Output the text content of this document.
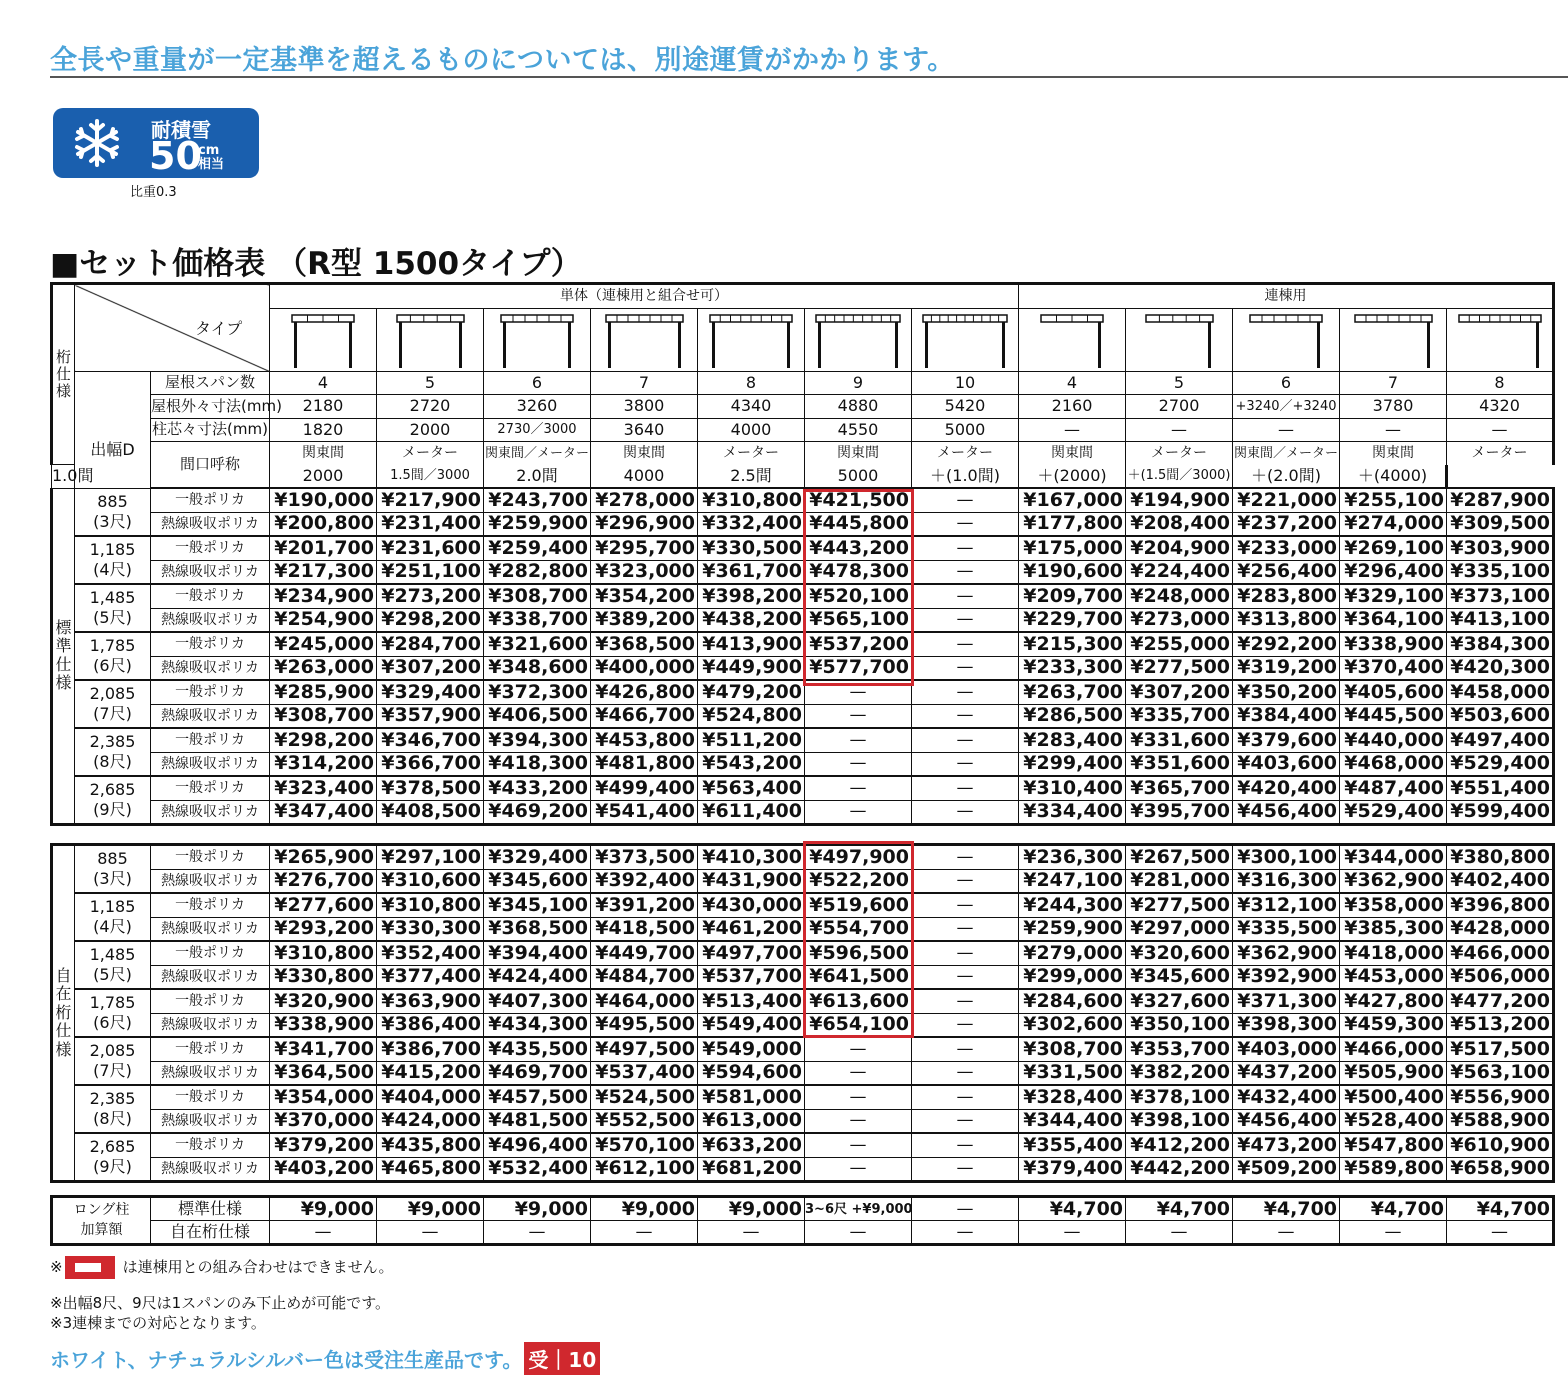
全長や重量が一定基準を超えるものについては、別途運賃がかかります。
耐積雪
50
cm
相当
比重0.3
■セット価格表 （R型 1500タイプ）
桁
仕
様	タイプ		単体（連棟用と組合せ可）							連棟用				

	出幅D	屋根スパン数	4	5	6	7	8	9	10	4	5	6	7	8
		屋根外々寸法(mm)	2180	2720	3260	3800	4340	4880	5420	2160	2700	+3240／+3240	3780	4320
		柱芯々寸法(mm)	1820	2000	2730／3000	3640	4000	4550	5000	—	—	—	—	—
		間口呼称	関東間	メーター	関東間／メーター	関東間	メーター	関東間	メーター	関東間	メーター	関東間／メーター	関東間	メーター
1.0間			2000	1.5間／3000	2.0間	4000	2.5間	5000	＋(1.0間)	＋(2000)	＋(1.5間／3000)	＋(2.0間)	＋(4000)	
標
準
仕
様	885
(3尺)	一般ポリカ	¥190,000	¥217,900	¥243,700	¥278,000	¥310,800	¥421,500	—	¥167,000	¥194,900	¥221,000	¥255,100	¥287,900
		熱線吸収ポリカ	¥200,800	¥231,400	¥259,900	¥296,900	¥332,400	¥445,800	—	¥177,800	¥208,400	¥237,200	¥274,000	¥309,500
	1,185
(4尺)	一般ポリカ	¥201,700	¥231,600	¥259,400	¥295,700	¥330,500	¥443,200	—	¥175,000	¥204,900	¥233,000	¥269,100	¥303,900
		熱線吸収ポリカ	¥217,300	¥251,100	¥282,800	¥323,000	¥361,700	¥478,300	—	¥190,600	¥224,400	¥256,400	¥296,400	¥335,100
	1,485
(5尺)	一般ポリカ	¥234,900	¥273,200	¥308,700	¥354,200	¥398,200	¥520,100	—	¥209,700	¥248,000	¥283,800	¥329,100	¥373,100
		熱線吸収ポリカ	¥254,900	¥298,200	¥338,700	¥389,200	¥438,200	¥565,100	—	¥229,700	¥273,000	¥313,800	¥364,100	¥413,100
	1,785
(6尺)	一般ポリカ	¥245,000	¥284,700	¥321,600	¥368,500	¥413,900	¥537,200	—	¥215,300	¥255,000	¥292,200	¥338,900	¥384,300
		熱線吸収ポリカ	¥263,000	¥307,200	¥348,600	¥400,000	¥449,900	¥577,700	—	¥233,300	¥277,500	¥319,200	¥370,400	¥420,300
	2,085
(7尺)	一般ポリカ	¥285,900	¥329,400	¥372,300	¥426,800	¥479,200	—	—	¥263,700	¥307,200	¥350,200	¥405,600	¥458,000
		熱線吸収ポリカ	¥308,700	¥357,900	¥406,500	¥466,700	¥524,800	—	—	¥286,500	¥335,700	¥384,400	¥445,500	¥503,600
	2,385
(8尺)	一般ポリカ	¥298,200	¥346,700	¥394,300	¥453,800	¥511,200	—	—	¥283,400	¥331,600	¥379,600	¥440,000	¥497,400
		熱線吸収ポリカ	¥314,200	¥366,700	¥418,300	¥481,800	¥543,200	—	—	¥299,400	¥351,600	¥403,600	¥468,000	¥529,400
	2,685
(9尺)	一般ポリカ	¥323,400	¥378,500	¥433,200	¥499,400	¥563,400	—	—	¥310,400	¥365,700	¥420,400	¥487,400	¥551,400
		熱線吸収ポリカ	¥347,400	¥408,500	¥469,200	¥541,400	¥611,400	—	—	¥334,400	¥395,700	¥456,400	¥529,400	¥599,400
自
在
桁
仕
様	885
(3尺)	一般ポリカ	¥265,900	¥297,100	¥329,400	¥373,500	¥410,300	¥497,900	—	¥236,300	¥267,500	¥300,100	¥344,000	¥380,800
		熱線吸収ポリカ	¥276,700	¥310,600	¥345,600	¥392,400	¥431,900	¥522,200	—	¥247,100	¥281,000	¥316,300	¥362,900	¥402,400
	1,185
(4尺)	一般ポリカ	¥277,600	¥310,800	¥345,100	¥391,200	¥430,000	¥519,600	—	¥244,300	¥277,500	¥312,100	¥358,000	¥396,800
		熱線吸収ポリカ	¥293,200	¥330,300	¥368,500	¥418,500	¥461,200	¥554,700	—	¥259,900	¥297,000	¥335,500	¥385,300	¥428,000
	1,485
(5尺)	一般ポリカ	¥310,800	¥352,400	¥394,400	¥449,700	¥497,700	¥596,500	—	¥279,000	¥320,600	¥362,900	¥418,000	¥466,000
		熱線吸収ポリカ	¥330,800	¥377,400	¥424,400	¥484,700	¥537,700	¥641,500	—	¥299,000	¥345,600	¥392,900	¥453,000	¥506,000
	1,785
(6尺)	一般ポリカ	¥320,900	¥363,900	¥407,300	¥464,000	¥513,400	¥613,600	—	¥284,600	¥327,600	¥371,300	¥427,800	¥477,200
		熱線吸収ポリカ	¥338,900	¥386,400	¥434,300	¥495,500	¥549,400	¥654,100	—	¥302,600	¥350,100	¥398,300	¥459,300	¥513,200
	2,085
(7尺)	一般ポリカ	¥341,700	¥386,700	¥435,500	¥497,500	¥549,000	—	—	¥308,700	¥353,700	¥403,000	¥466,000	¥517,500
		熱線吸収ポリカ	¥364,500	¥415,200	¥469,700	¥537,400	¥594,600	—	—	¥331,500	¥382,200	¥437,200	¥505,900	¥563,100
	2,385
(8尺)	一般ポリカ	¥354,000	¥404,000	¥457,500	¥524,500	¥581,000	—	—	¥328,400	¥378,100	¥432,400	¥500,400	¥556,900
		熱線吸収ポリカ	¥370,000	¥424,000	¥481,500	¥552,500	¥613,000	—	—	¥344,400	¥398,100	¥456,400	¥528,400	¥588,900
	2,685
(9尺)	一般ポリカ	¥379,200	¥435,800	¥496,400	¥570,100	¥633,200	—	—	¥355,400	¥412,200	¥473,200	¥547,800	¥610,900
		熱線吸収ポリカ	¥403,200	¥465,800	¥532,400	¥612,100	¥681,200	—	—	¥379,400	¥442,200	¥509,200	¥589,800	¥658,900
ロング柱
加算額	標準仕様	¥9,000	¥9,000	¥9,000	¥9,000	¥9,000	3~6尺 +¥9,000	—	¥4,700	¥4,700	¥4,700	¥4,700	¥4,700
	自在桁仕様	—	—	—	—	—	—	—	—	—	—	—	—
※	は連棟用との組み合わせはできません。
※出幅8尺、9尺は1スパンのみ下止めが可能です。
※3連棟までの対応となります。
ホワイト、ナチュラルシルバー色は受注生産品です。 受｜10
